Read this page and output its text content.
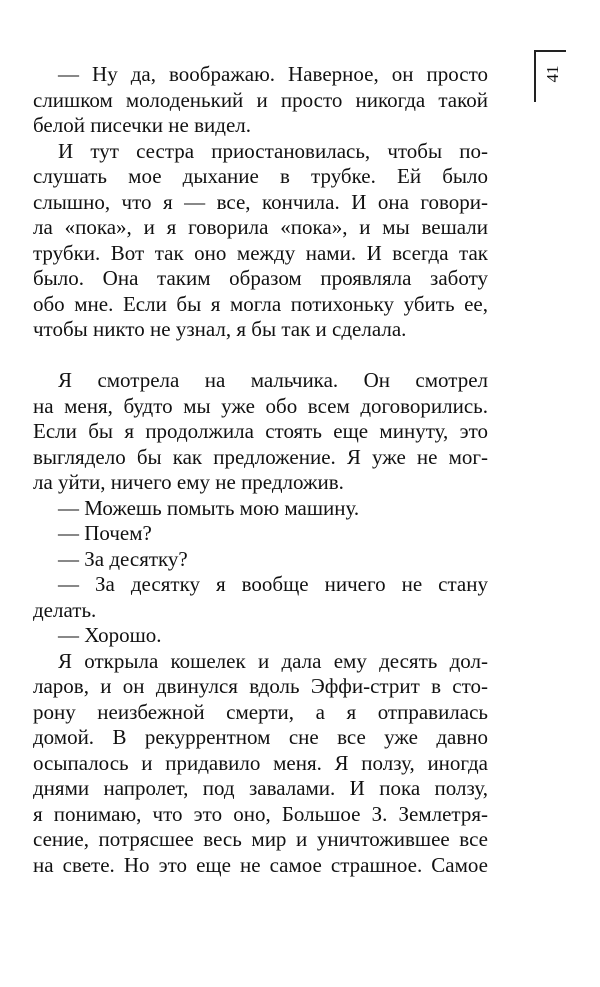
41
— Ну да, воображаю. Наверное, он просто
слишком молоденький и просто никогда такой
белой писечки не видел.
И тут сестра приостановилась, чтобы по-
слушать мое дыхание в трубке. Ей было
слышно, что я — все, кончила. И она говори-
ла «пока», и я говорила «пока», и мы вешали
трубки. Вот так оно между нами. И всегда так
было. Она таким образом проявляла заботу
обо мне. Если бы я могла потихоньку убить ее,
чтобы никто не узнал, я бы так и сделала.
Я смотрела на мальчика. Он смотрел
на меня, будто мы уже обо всем договорились.
Если бы я продолжила стоять еще минуту, это
выглядело бы как предложение. Я уже не мог-
ла уйти, ничего ему не предложив.
— Можешь помыть мою машину.
— Почем?
— За десятку?
— За десятку я вообще ничего не стану
делать.
— Хорошо.
Я открыла кошелек и дала ему десять дол-
ларов, и он двинулся вдоль Эффи-стрит в сто-
рону неизбежной смерти, а я отправилась
домой. В рекуррентном сне все уже давно
осыпалось и придавило меня. Я ползу, иногда
днями напролет, под завалами. И пока ползу,
я понимаю, что это оно, Большое З. Землетря-
сение, потрясшее весь мир и уничтожившее все
на свете. Но это еще не самое страшное. Самое
